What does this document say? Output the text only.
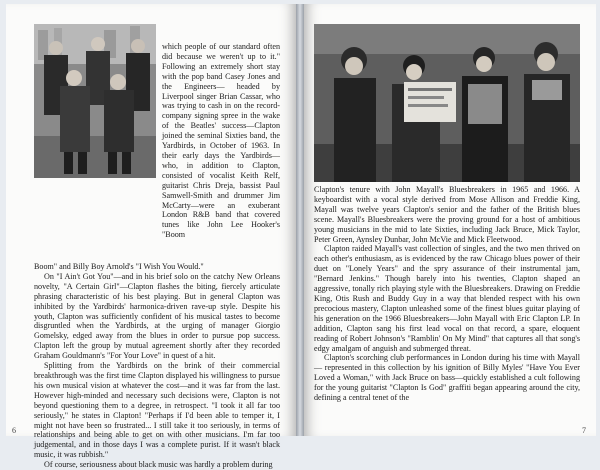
which people of our standard often did because we weren't up to it." Following an extremely short stay with the pop band Casey Jones and the Engineers— headed by Liverpool singer Brian Cassar, who was trying to cash in on the record-company signing spree in the wake of the Beatles' success—Clapton joined the seminal Sixties band, the Yardbirds, in October of 1963. In their early days the Yardbirds—who, in addition to Clapton, consisted of vocalist Keith Relf, guitarist Chris Dreja, bassist Paul Samwell-Smith and drummer Jim McCarty—were an exuberant London R&B band that covered tunes like John Lee Hooker's "Boom

Boom" and Billy Boy Arnold's "I Wish You Would."

On "I Ain't Got You"—and in his brief solo on the catchy New Orleans novelty, "A Certain Girl"—Clapton flashes the biting, fiercely articulate phrasing characteristic of his best playing. But in general Clapton was inhibited by the Yardbirds' harmonica-driven rave-up style. Despite his youth, Clapton was sufficiently confident of his musical tastes to become disgruntled when the Yardbirds, at the urging of manager Giorgio Gomelsky, edged away from the blues in order to pursue pop success. Clapton left the group by mutual agreement shortly after they recorded Graham Gouldmann's "For Your Love" in quest of a hit.

Splitting from the Yardbirds on the brink of their commercial breakthrough was the first time Clapton displayed his willingness to pursue his own musical vision at whatever the cost—and it was far from the last. However high-minded and necessary such decisions were, Clapton is not beyond questioning them to a degree, in retrospect. "I took it all far too seriously," he states in Clapton! "Perhaps if I'd been able to temper it, I might not have been so frustrated... I still take it too seriously, in terms of relationships and being able to get on with other musicians. I'm far too judgemental, and in those days I was a complete purist. If it wasn't black music, it was rubbish."

Of course, seriousness about black music was hardly a problem during

6

Clapton's tenure with John Mayall's Bluesbreakers in 1965 and 1966. A keyboardist with a vocal style derived from Mose Allison and Freddie King, Mayall was twelve years Clapton's senior and the father of the British blues scene. Mayall's Bluesbreakers were the proving ground for a host of ambitious young musicians in the mid to late Sixties, including Jack Bruce, Mick Taylor, Peter Green, Aynsley Dunbar, John McVie and Mick Fleetwood.

Clapton raided Mayall's vast collection of singles, and the two men thrived on each other's enthusiasm, as is evidenced by the raw Chicago blues power of their duet on "Lonely Years" and the spry assurance of their instrumental jam, "Bernard Jenkins." Though barely into his twenties, Clapton shaped an aggressive, tonally rich playing style with the Bluesbreakers. Drawing on Freddie King, Otis Rush and Buddy Guy in a way that blended respect with his own precocious mastery, Clapton unleashed some of the finest blues guitar playing of his generation on the 1966 Bluesbreakers—John Mayall with Eric Clapton LP. In addition, Clapton sang his first lead vocal on that record, a spare, eloquent reading of Robert Johnson's "Ramblin' On My Mind" that captures all that song's edgy amalgam of anguish and submerged threat.

Clapton's scorching club performances in London during his time with Mayall— represented in this collection by his ignition of Billy Myles' "Have You Ever Loved a Woman," with Jack Bruce on bass—quickly established a cult following for the young guitarist "Clapton Is God" graffiti began appearing around the city, defining a central tenet of the

7
